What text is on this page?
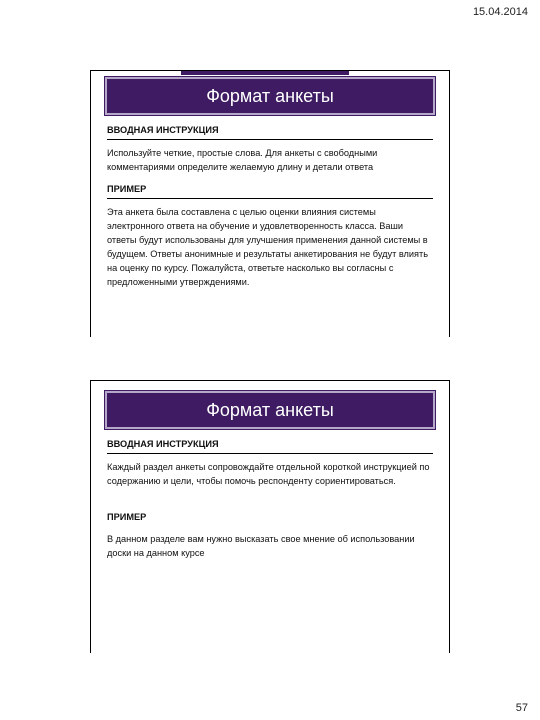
15.04.2014
Формат анкеты
ВВОДНАЯ ИНСТРУКЦИЯ

Используйте четкие, простые слова. Для анкеты с свободными комментариями определите желаемую длину и детали ответа

ПРИМЕР

Эта анкета была составлена с целью оценки влияния системы электронного ответа на обучение и удовлетворенность класса. Ваши ответы будут использованы для улучшения применения данной системы в будущем. Ответы анонимные и результаты анкетирования не будут влиять на оценку по курсу. Пожалуйста, ответьте насколько вы согласны с предложенными утверждениями.

Формат анкеты
ВВОДНАЯ ИНСТРУКЦИЯ

Каждый раздел анкеты сопровождайте отдельной короткой инструкцией по содержанию и цели, чтобы помочь респонденту сориентироваться.

ПРИМЕР

В данном разделе вам нужно высказать свое мнение об использовании доски на данном курсе

57
